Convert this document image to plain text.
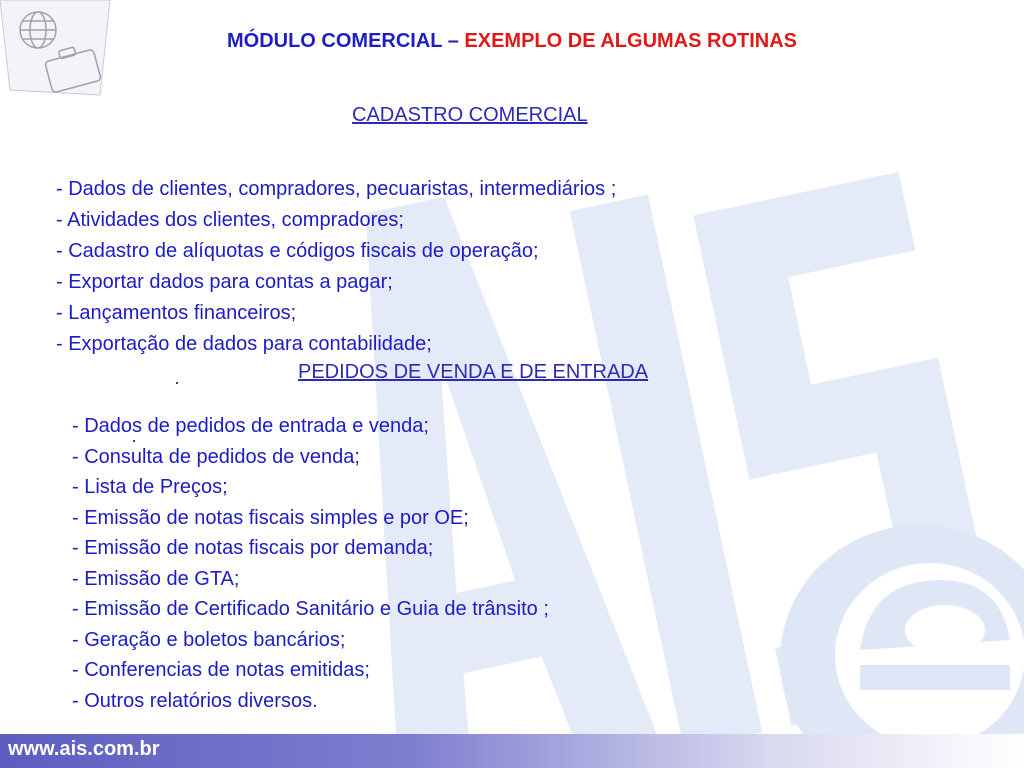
MÓDULO COMERCIAL – EXEMPLO DE ALGUMAS ROTINAS
CADASTRO COMERCIAL
- Dados de clientes, compradores, pecuaristas, intermediários ;
- Atividades dos clientes, compradores;
- Cadastro de alíquotas e códigos fiscais de operação;
- Exportar dados para contas a pagar;
- Lançamentos financeiros;
- Exportação de dados para contabilidade;
PEDIDOS DE VENDA E DE ENTRADA
- Dados de pedidos de entrada e venda;
- Consulta de pedidos de venda;
- Lista de Preços;
- Emissão de notas fiscais simples e por OE;
- Emissão de notas fiscais por demanda;
- Emissão de GTA;
- Emissão de Certificado Sanitário e Guia de trânsito ;
- Geração e boletos bancários;
- Conferencias de notas emitidas;
- Outros relatórios diversos.
www.ais.com.br
